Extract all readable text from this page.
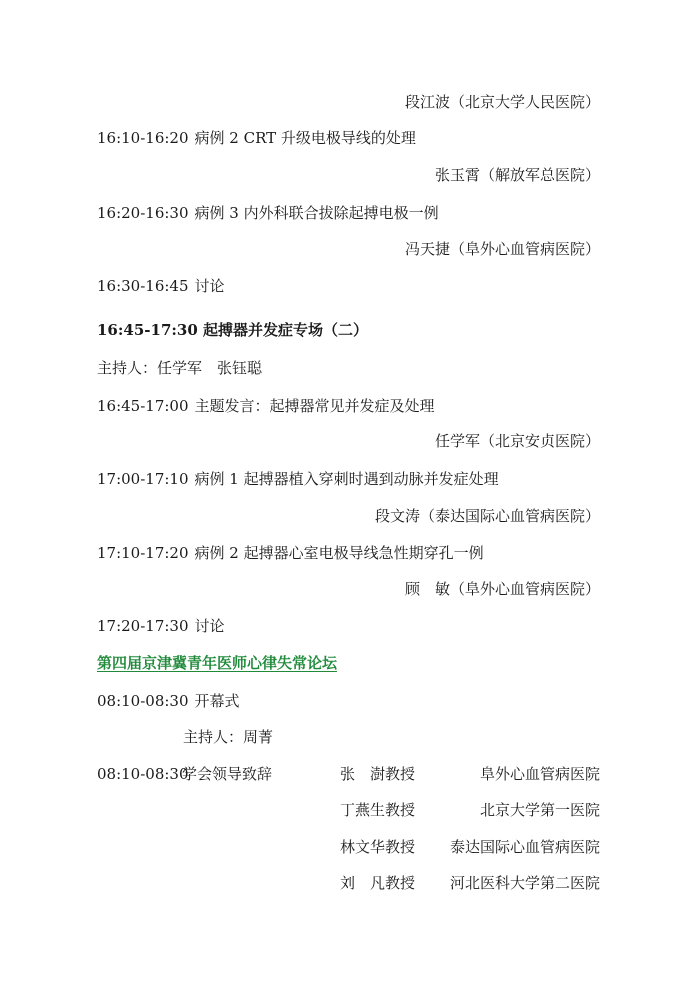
段江波（北京大学人民医院）
16:10-16:20 病例 2 CRT 升级电极导线的处理
张玉霄（解放军总医院）
16:20-16:30 病例 3 内外科联合拔除起搏电极一例
冯天捷（阜外心血管病医院）
16:30-16:45 讨论
16:45-17:30 起搏器并发症专场（二）
主持人：任学军　张钰聪
16:45-17:00 主题发言：起搏器常见并发症及处理
任学军（北京安贞医院）
17:00-17:10 病例 1 起搏器植入穿刺时遇到动脉并发症处理
段文涛（泰达国际心血管病医院）
17:10-17:20 病例 2 起搏器心室电极导线急性期穿孔一例
顾　敏（阜外心血管病医院）
17:20-17:30 讨论
第四届京津冀青年医师心律失常论坛
08:10-08:30 开幕式
主持人：周菁
08:10-08:30
学会领导致辞	张　澍教授	阜外心血管病医院
丁燕生教授	北京大学第一医院
林文华教授 泰达国际心血管病医院
刘　凡教授 河北医科大学第二医院
